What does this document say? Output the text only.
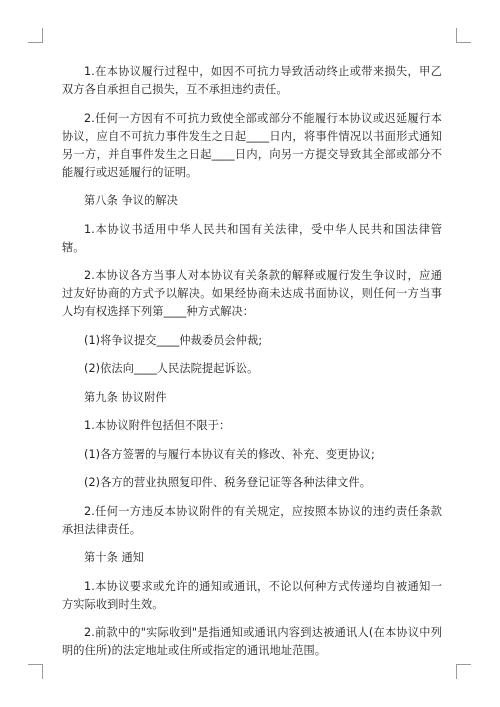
1.在本协议履行过程中，如因不可抗力导致活动终止或带来损失，甲乙双方各自承担自己损失，互不承担违约责任。

2.任何一方因有不可抗力致使全部或部分不能履行本协议或迟延履行本协议，应自不可抗力事件发生之日起____日内，将事件情况以书面形式通知另一方，并自事件发生之日起____日内，向另一方提交导致其全部或部分不能履行或迟延履行的证明。

第八条 争议的解决

1.本协议书适用中华人民共和国有关法律，受中华人民共和国法律管辖。

2.本协议各方当事人对本协议有关条款的解释或履行发生争议时，应通过友好协商的方式予以解决。如果经协商未达成书面协议，则任何一方当事人均有权选择下列第____种方式解决：

(1)将争议提交____仲裁委员会仲裁;

(2)依法向____人民法院提起诉讼。

第九条 协议附件

1.本协议附件包括但不限于：

(1)各方签署的与履行本协议有关的修改、补充、变更协议;

(2)各方的营业执照复印件、税务登记证等各种法律文件。

2.任何一方违反本协议附件的有关规定，应按照本协议的违约责任条款承担法律责任。

第十条 通知

1.本协议要求或允许的通知或通讯，不论以何种方式传递均自被通知一方实际收到时生效。

2.前款中的"实际收到"是指通知或通讯内容到达被通讯人(在本协议中列明的住所)的法定地址或住所或指定的通讯地址范围。
